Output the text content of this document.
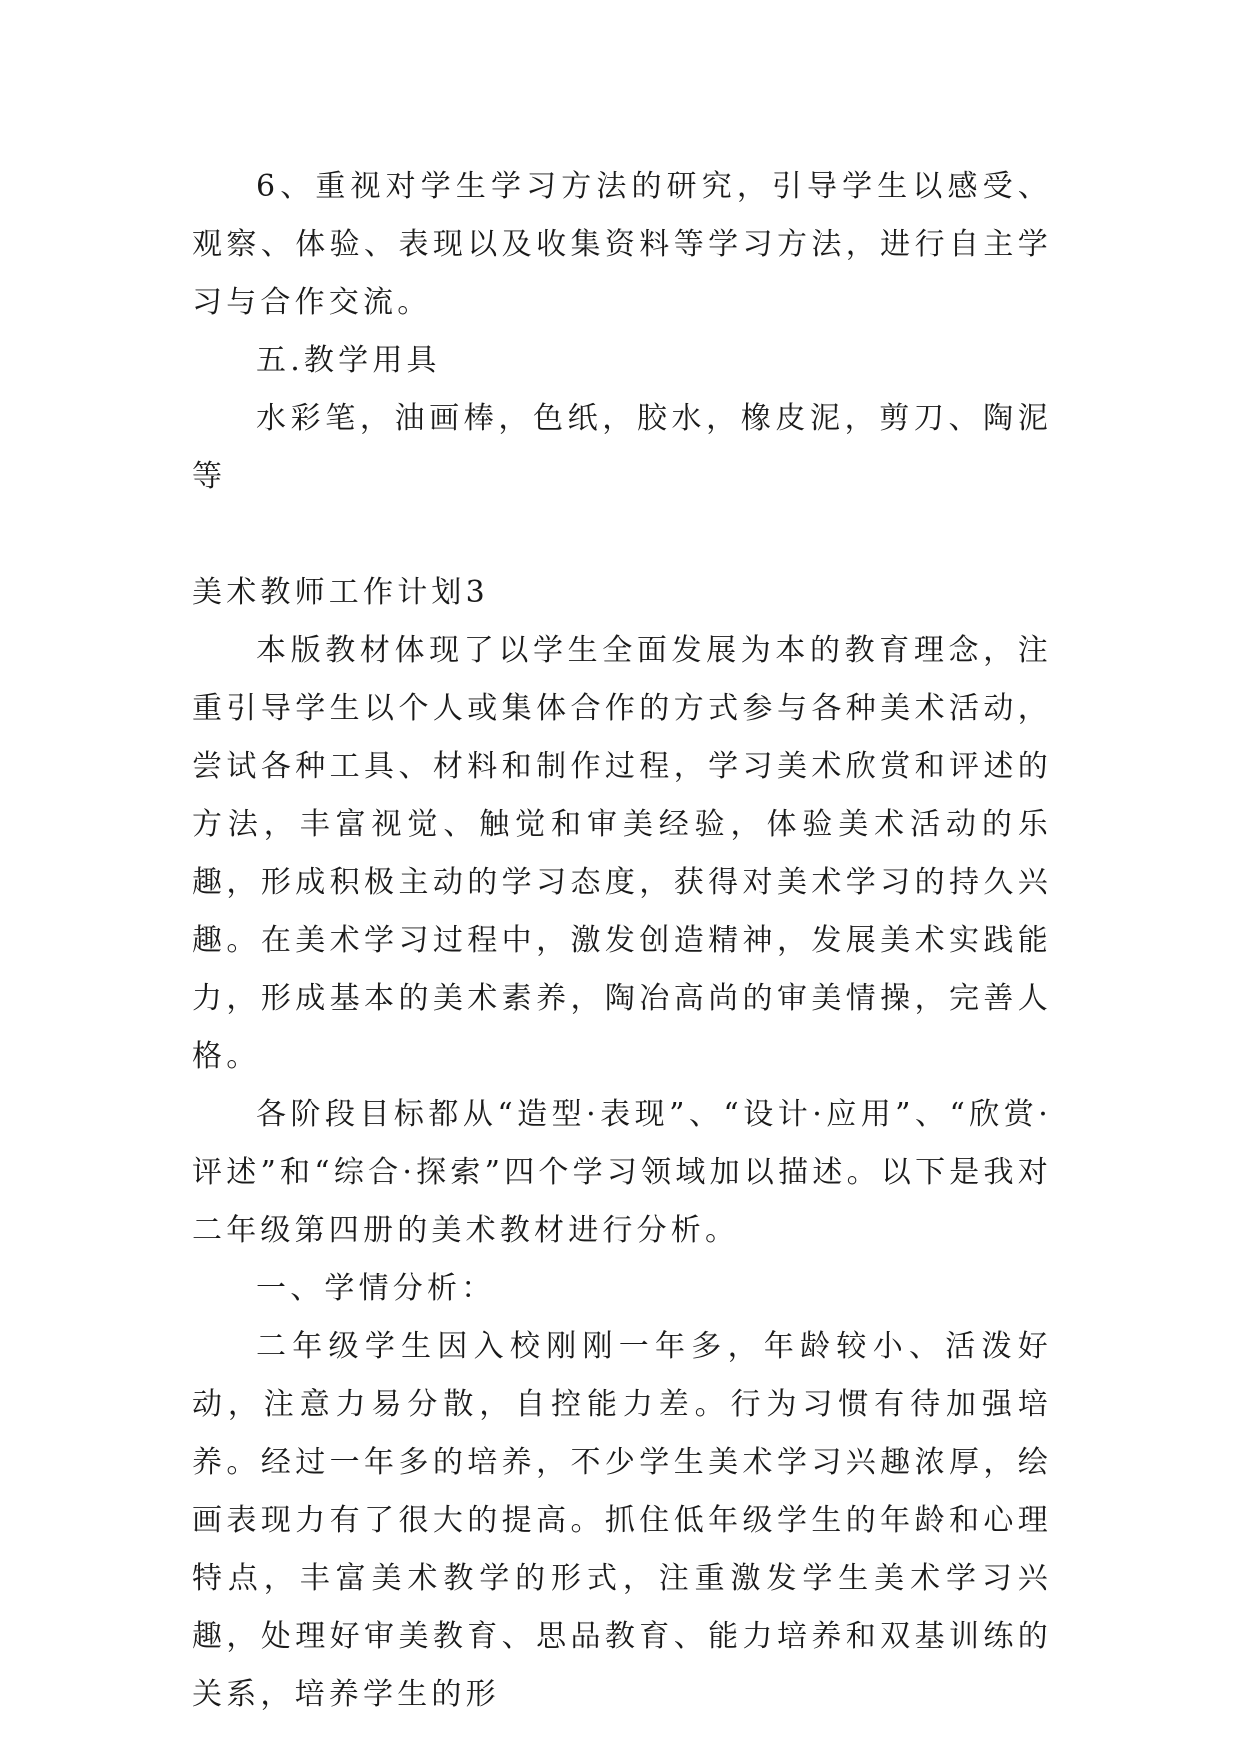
6、重视对学生学习方法的研究，引导学生以感受、观察、体验、表现以及收集资料等学习方法，进行自主学习与合作交流。

五.教学用具

水彩笔，油画棒，色纸，胶水，橡皮泥，剪刀、陶泥等

美术教师工作计划3

本版教材体现了以学生全面发展为本的教育理念，注重引导学生以个人或集体合作的方式参与各种美术活动，尝试各种工具、材料和制作过程，学习美术欣赏和评述的方法，丰富视觉、触觉和审美经验，体验美术活动的乐趣，形成积极主动的学习态度，获得对美术学习的持久兴趣。在美术学习过程中，激发创造精神，发展美术实践能力，形成基本的美术素养，陶冶高尚的审美情操，完善人格。

各阶段目标都从“造型·表现”、“设计·应用”、“欣赏·评述”和“综合·探索”四个学习领域加以描述。以下是我对二年级第四册的美术教材进行分析。

一、学情分析：

二年级学生因入校刚刚一年多，年龄较小、活泼好动，注意力易分散，自控能力差。行为习惯有待加强培养。经过一年多的培养，不少学生美术学习兴趣浓厚，绘画表现力有了很大的提高。抓住低年级学生的年龄和心理特点，丰富美术教学的形式，注重激发学生美术学习兴趣，处理好审美教育、思品教育、能力培养和双基训练的关系，培养学生的形
